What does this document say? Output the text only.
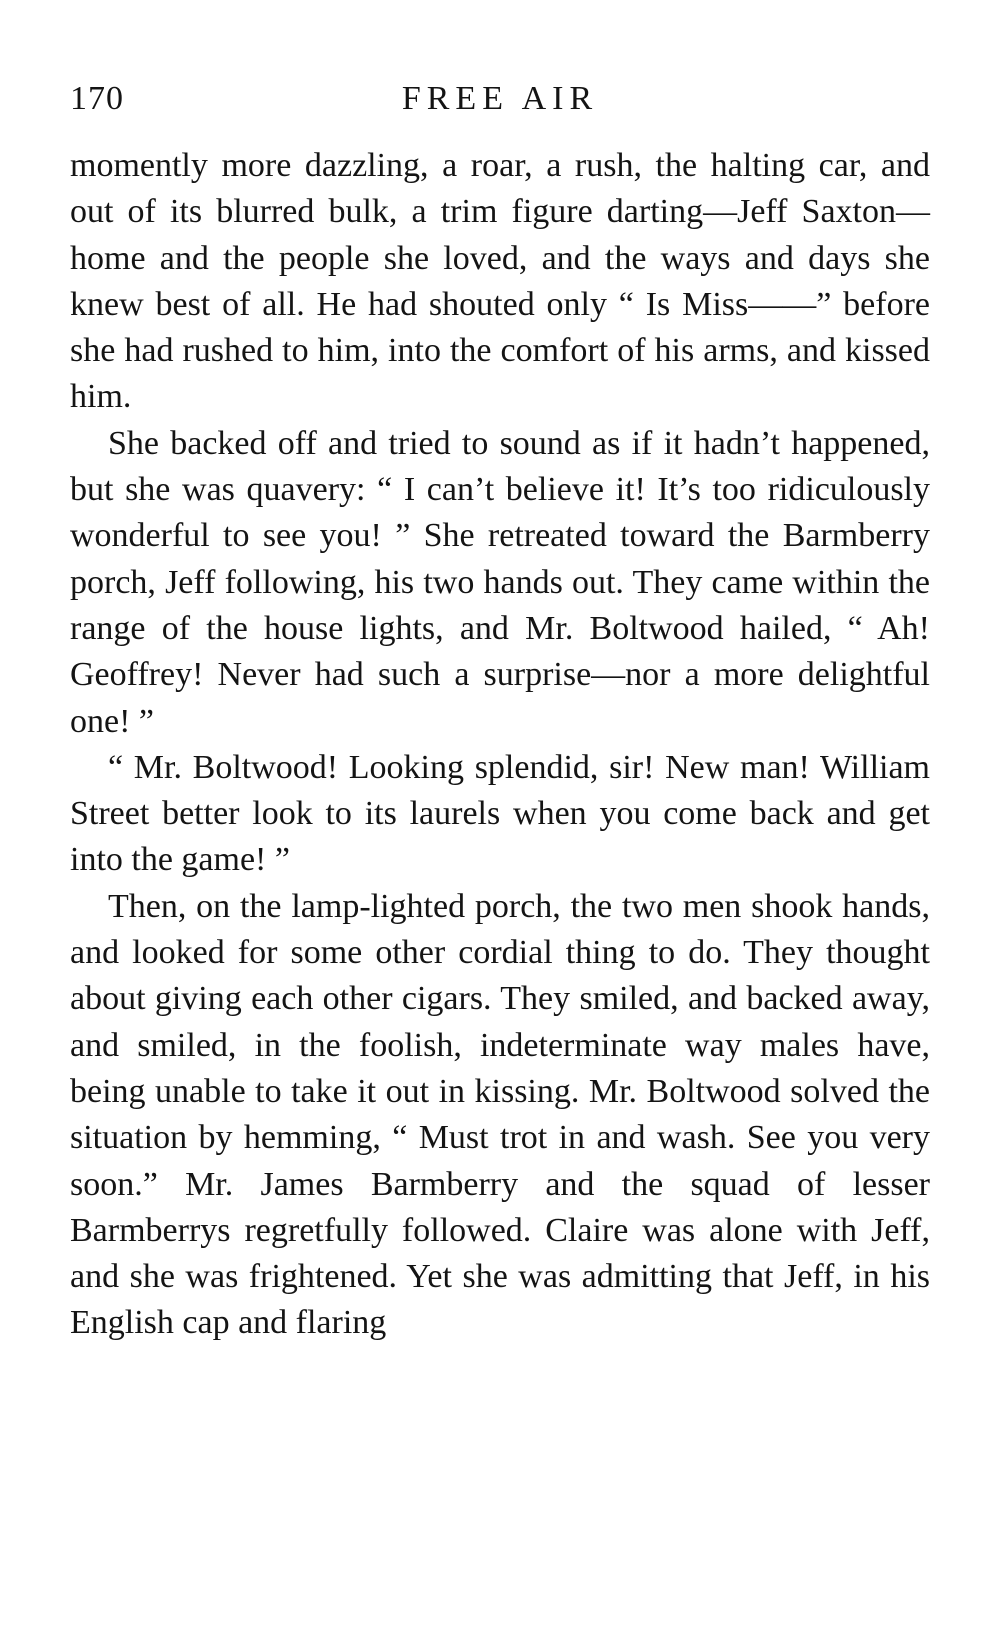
170	FREE AIR

momently more dazzling, a roar, a rush, the halting car, and out of its blurred bulk, a trim figure darting—Jeff Saxton—home and the people she loved, and the ways and days she knew best of all. He had shouted only “ Is Miss——” before she had rushed to him, into the comfort of his arms, and kissed him.

She backed off and tried to sound as if it hadn’t happened, but she was quavery: “ I can’t believe it! It’s too ridiculously wonderful to see you! ” She retreated toward the Barmberry porch, Jeff following, his two hands out. They came within the range of the house lights, and Mr. Boltwood hailed, “ Ah! Geoffrey! Never had such a surprise—nor a more delightful one! ”

“ Mr. Boltwood! Looking splendid, sir! New man! William Street better look to its laurels when you come back and get into the game! ”

Then, on the lamp-lighted porch, the two men shook hands, and looked for some other cordial thing to do. They thought about giving each other cigars. They smiled, and backed away, and smiled, in the foolish, indeterminate way males have, being unable to take it out in kissing. Mr. Boltwood solved the situation by hemming, “ Must trot in and wash. See you very soon.” Mr. James Barmberry and the squad of lesser Barmberrys regretfully followed. Claire was alone with Jeff, and she was frightened. Yet she was admitting that Jeff, in his English cap and flaring
